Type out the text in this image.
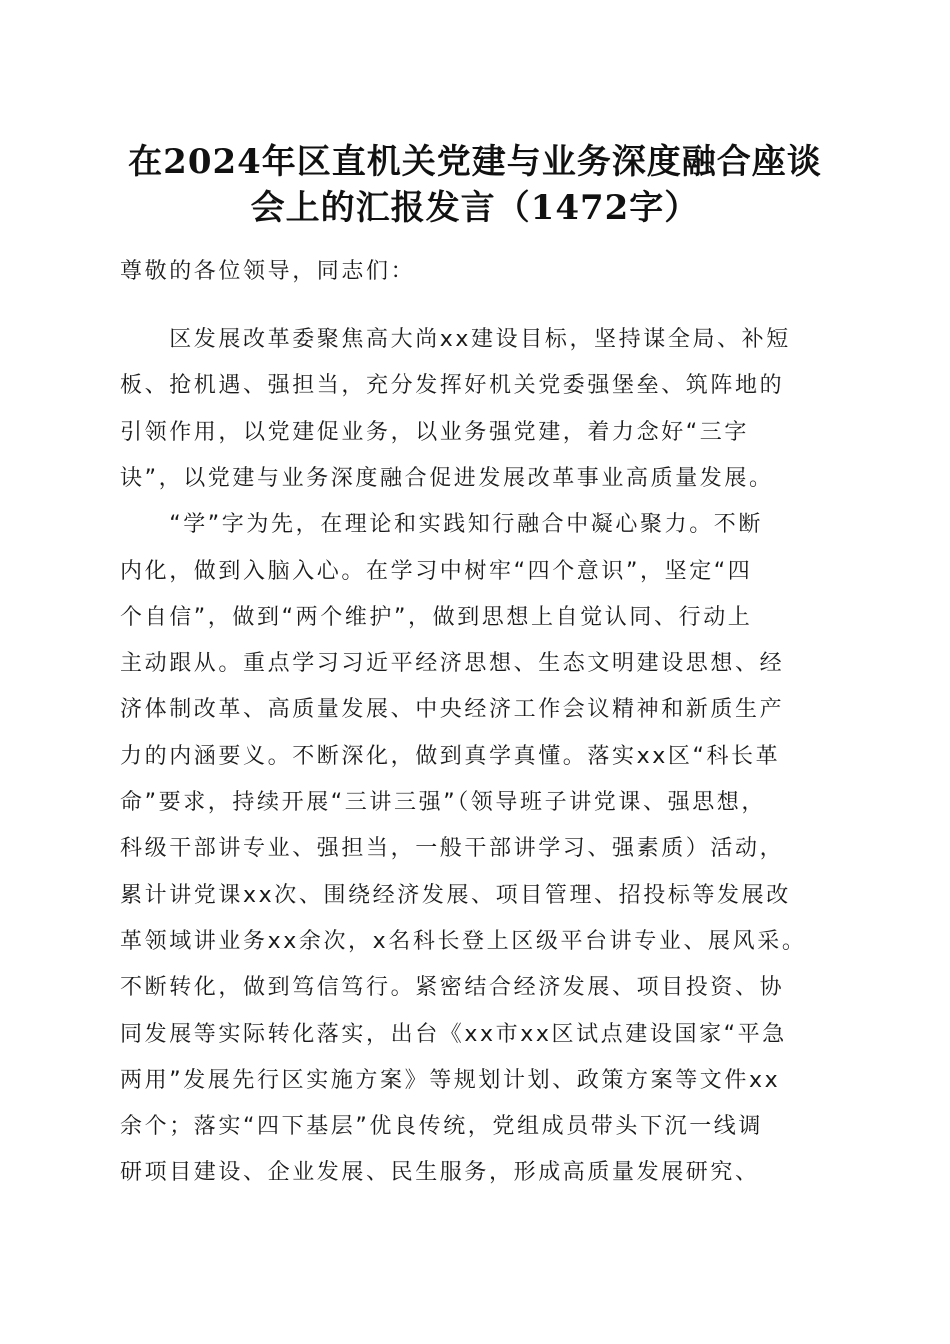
在2024年区直机关党建与业务深度融合座谈
会上的汇报发言（1472字）
尊敬的各位领导，同志们：
　　区发展改革委聚焦高大尚xx建设目标，坚持谋全局、补短
板、抢机遇、强担当，充分发挥好机关党委强堡垒、筑阵地的
引领作用，以党建促业务，以业务强党建，着力念好“三字
诀”，以党建与业务深度融合促进发展改革事业高质量发展。
　　“学”字为先，在理论和实践知行融合中凝心聚力。不断
内化，做到入脑入心。在学习中树牢“四个意识”，坚定“四
个自信”，做到“两个维护”，做到思想上自觉认同、行动上
主动跟从。重点学习习近平经济思想、生态文明建设思想、经
济体制改革、高质量发展、中央经济工作会议精神和新质生产
力的内涵要义。不断深化，做到真学真懂。落实xx区“科长革
命”要求，持续开展“三讲三强”（领导班子讲党课、强思想，
科级干部讲专业、强担当，一般干部讲学习、强素质）活动，
累计讲党课xx次、围绕经济发展、项目管理、招投标等发展改
革领域讲业务xx余次，x名科长登上区级平台讲专业、展风采。
不断转化，做到笃信笃行。紧密结合经济发展、项目投资、协
同发展等实际转化落实，出台《xx市xx区试点建设国家“平急
两用”发展先行区实施方案》等规划计划、政策方案等文件xx
余个；落实“四下基层”优良传统，党组成员带头下沉一线调
研项目建设、企业发展、民生服务，形成高质量发展研究、
